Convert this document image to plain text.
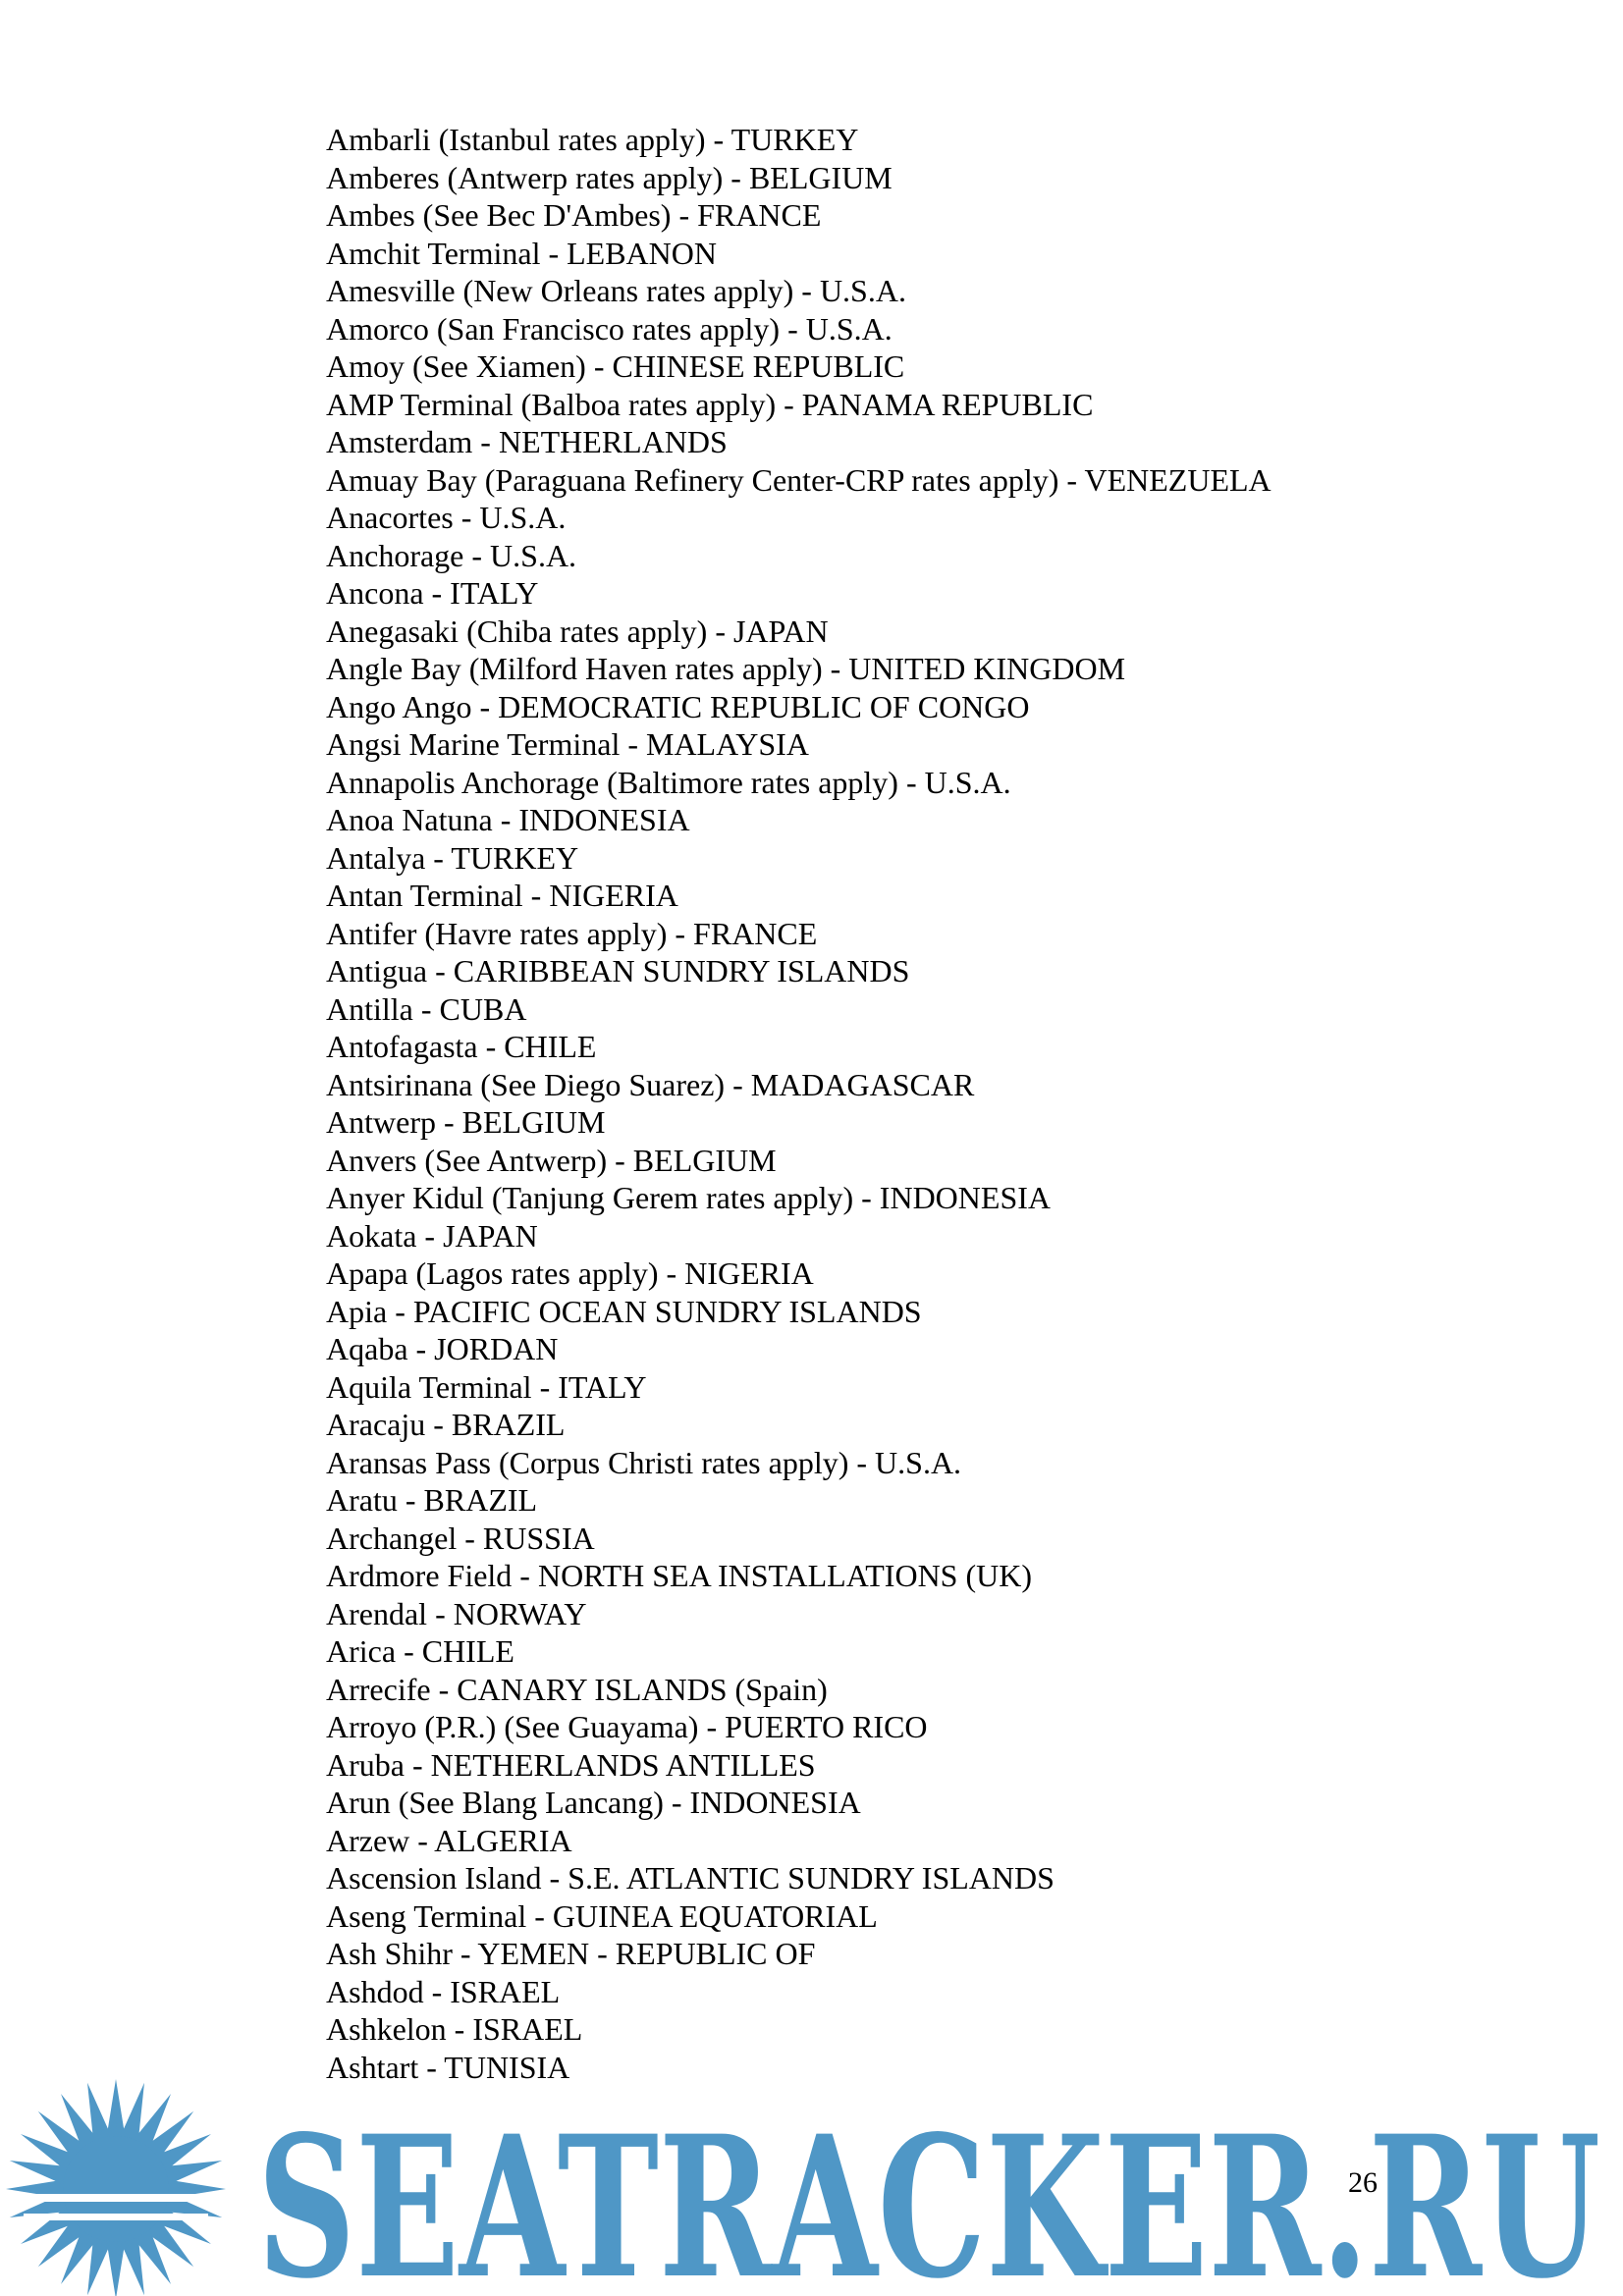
Ambarli (Istanbul rates apply) - TURKEY
Amberes (Antwerp rates apply) - BELGIUM
Ambes (See Bec D'Ambes) - FRANCE
Amchit Terminal - LEBANON
Amesville (New Orleans rates apply) - U.S.A.
Amorco (San Francisco rates apply) - U.S.A.
Amoy (See Xiamen) - CHINESE REPUBLIC
AMP Terminal (Balboa rates apply) - PANAMA REPUBLIC
Amsterdam - NETHERLANDS
Amuay Bay (Paraguana Refinery Center-CRP rates apply) - VENEZUELA
Anacortes - U.S.A.
Anchorage - U.S.A.
Ancona - ITALY
Anegasaki (Chiba rates apply) - JAPAN
Angle Bay (Milford Haven rates apply) - UNITED KINGDOM
Ango Ango - DEMOCRATIC REPUBLIC OF CONGO
Angsi Marine Terminal - MALAYSIA
Annapolis Anchorage (Baltimore rates apply) - U.S.A.
Anoa Natuna - INDONESIA
Antalya - TURKEY
Antan Terminal - NIGERIA
Antifer (Havre rates apply) - FRANCE
Antigua - CARIBBEAN SUNDRY ISLANDS
Antilla - CUBA
Antofagasta - CHILE
Antsirinana (See Diego Suarez) - MADAGASCAR
Antwerp - BELGIUM
Anvers (See Antwerp) - BELGIUM
Anyer Kidul (Tanjung Gerem rates apply) - INDONESIA
Aokata - JAPAN
Apapa (Lagos rates apply) - NIGERIA
Apia - PACIFIC OCEAN SUNDRY ISLANDS
Aqaba - JORDAN
Aquila Terminal - ITALY
Aracaju - BRAZIL
Aransas Pass (Corpus Christi rates apply) - U.S.A.
Aratu - BRAZIL
Archangel - RUSSIA
Ardmore Field - NORTH SEA INSTALLATIONS (UK)
Arendal - NORWAY
Arica - CHILE
Arrecife - CANARY ISLANDS (Spain)
Arroyo (P.R.) (See Guayama) - PUERTO RICO
Aruba - NETHERLANDS ANTILLES
Arun (See Blang Lancang) - INDONESIA
Arzew - ALGERIA
Ascension Island - S.E. ATLANTIC SUNDRY ISLANDS
Aseng Terminal - GUINEA EQUATORIAL
Ash Shihr - YEMEN - REPUBLIC OF
Ashdod - ISRAEL
Ashkelon - ISRAEL
Ashtart - TUNISIA
SEATRACKER.RU
26
